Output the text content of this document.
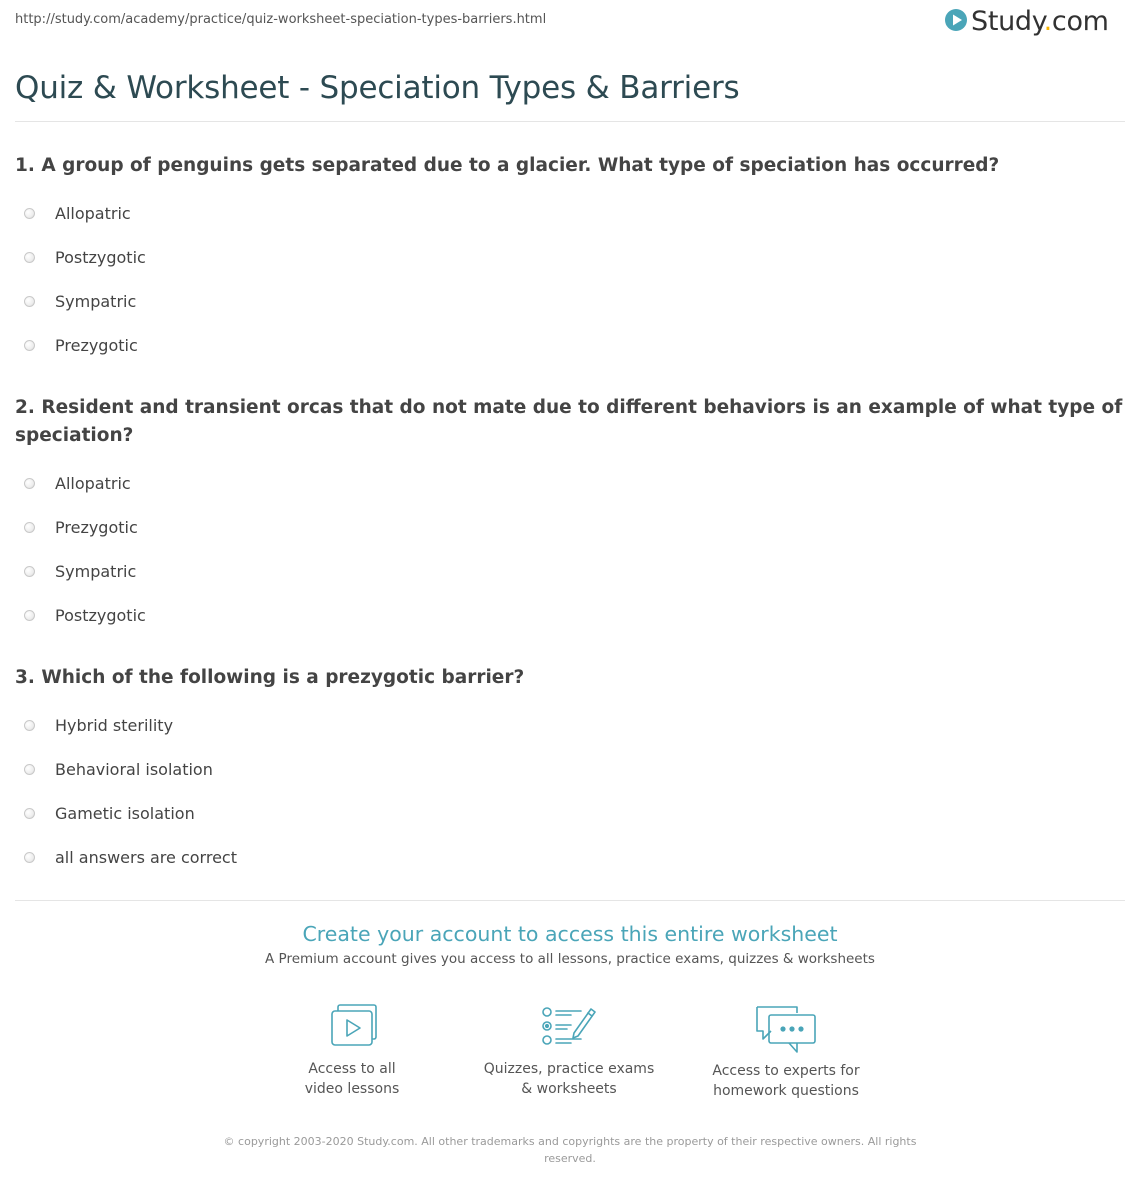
http://study.com/academy/practice/quiz-worksheet-speciation-types-barriers.html	Study.com
Quiz & Worksheet - Speciation Types & Barriers

1. A group of penguins gets separated due to a glacier. What type of speciation has occurred?

Allopatric
Postzygotic
Sympatric
Prezygotic

2. Resident and transient orcas that do not mate due to different behaviors is an example of what type of speciation?

Allopatric
Prezygotic
Sympatric
Postzygotic

3. Which of the following is a prezygotic barrier?

Hybrid sterility
Behavioral isolation
Gametic isolation
all answers are correct

Create your account to access this entire worksheet

A Premium account gives you access to all lessons, practice exams, quizzes & worksheets
Access to all
video lessons
Quizzes, practice exams
& worksheets
Access to experts for
homework questions
© copyright 2003-2020 Study.com. All other trademarks and copyrights are the property of their respective owners. All rights
reserved.
